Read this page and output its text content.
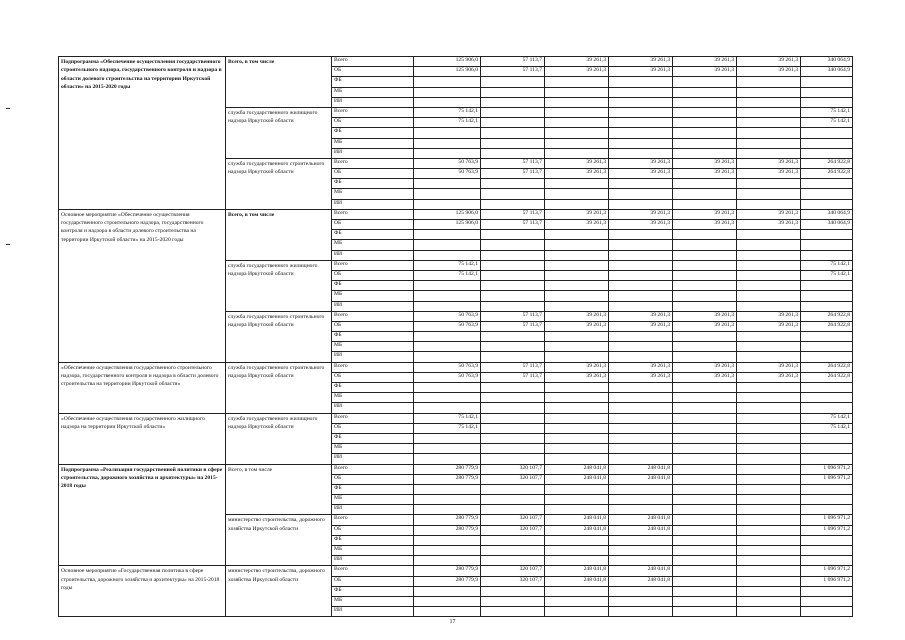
Подпрограмма «Обеспечение осуществления государственного строительного надзора, государственного контроля и надзора в области долевого строительства на территории Иркутской области» на 2015-2020 годы	Всего, в том числе	Всего	125 906,0	57 113,7	39 261,3	39 261,3	39 261,3	39 261,3	340 064,9
		ОБ	125 906,0	57 113,7	39 261,3	39 261,3	39 261,3	39 261,3	340 064,9
		ФБ							
		МБ							
		ИИ							
	служба государственного жилищного надзора Иркутской области	Всего	75 142,1						75 142,1
		ОБ	75 142,1						75 142,1
		ФБ							
		МБ							
		ИИ							
	служба государственного строительного надзора Иркутской области	Всего	50 763,9	57 113,7	39 261,3	39 261,3	39 261,3	39 261,3	264 922,8
		ОБ	50 763,9	57 113,7	39 261,3	39 261,3	39 261,3	39 261,3	264 922,8
		ФБ							
		МБ							
		ИИ							
Основное мероприятие «Обеспечение осуществления государственного строительного надзора, государственного контроля и надзора в области долевого строительства на территории Иркутской области» на 2015-2020 годы	Всего, в том числе	Всего	125 906,0	57 113,7	39 261,3	39 261,3	39 261,3	39 261,3	340 064,9
		ОБ	125 906,0	57 113,7	39 261,3	39 261,3	39 261,3	39 261,3	340 064,9
		ФБ							
		МБ							
		ИИ							
	служба государственного жилищного надзора Иркутской области	Всего	75 142,1						75 142,1
		ОБ	75 142,1						75 142,1
		ФБ							
		МБ							
		ИИ							
	служба государственного строительного надзора Иркутской области	Всего	50 763,9	57 113,7	39 261,3	39 261,3	39 261,3	39 261,3	264 922,8
		ОБ	50 763,9	57 113,7	39 261,3	39 261,3	39 261,3	39 261,3	264 922,8
		ФБ							
		МБ							
		ИИ							
«Обеспечение осуществления государственного строительного надзора, государственного контроля и надзора в области долевого строительства на территории Иркутской области»	служба государственного строительного надзора Иркутской области	Всего	50 763,9	57 113,7	39 261,3	39 261,3	39 261,3	39 261,3	264 922,8
		ОБ	50 763,9	57 113,7	39 261,3	39 261,3	39 261,3	39 261,3	264 922,8
		ФБ							
		МБ							
		ИИ							
«Обеспечение осуществления государственного жилищного надзора на территории Иркутской области»	служба государственного жилищного надзора Иркутской области	Всего	75 142,1						75 142,1
		ОБ	75 142,1						75 142,1
		ФБ							
		МБ							
		ИИ							
Подпрограмма «Реализация государственной политики в сфере строительства, дорожного хозяйства и архитектуры» на 2015-2018 годы	Всего, в том числе	Всего	280 779,9	320 107,7	248 041,8	248 041,8			1 096 971,2
		ОБ	280 779,9	320 107,7	248 041,8	248 041,8			1 096 971,2
		ФБ							
		МБ							
		ИИ							
	министерство строительства, дорожного хозяйства Иркутской области	Всего	280 779,9	320 107,7	248 041,8	248 041,8			1 096 971,2
		ОБ	280 779,9	320 107,7	248 041,8	248 041,8			1 096 971,2
		ФБ							
		МБ							
		ИИ							
Основное мероприятие «Государственная политика в сфере строительства, дорожного хозяйства и архитектуры» на 2015-2018 годы	министерство строительства, дорожного хозяйства Иркутской области	Всего	280 779,9	320 107,7	248 041,8	248 041,8			1 096 971,2
		ОБ	280 779,9	320 107,7	248 041,8	248 041,8			1 096 971,2
		ФБ							
		МБ							
		ИИ							
17
